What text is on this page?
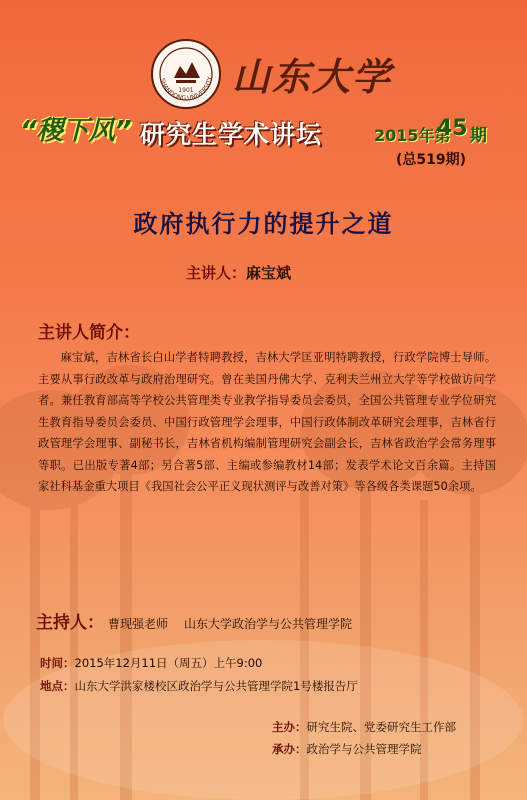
SHANDONG UNIVERSITY
1901 山东大学
“稷下风” 研究生学术讲坛	2015年第
45 期
(总519期)
政府执行力的提升之道
主讲人：麻宝斌
主讲人简介：

麻宝斌，吉林省长白山学者特聘教授，吉林大学匡亚明特聘教授，行政学院博士导师。主要从事行政改革与政府治理研究。曾在美国丹佛大学、克利夫兰州立大学等学校做访问学者。兼任教育部高等学校公共管理类专业教学指导委员会委员，全国公共管理专业学位研究生教育指导委员会委员、中国行政管理学会理事，中国行政体制改革研究会理事，吉林省行政管理学会理事、副秘书长，吉林省机构编制管理研究会副会长，吉林省政治学会常务理事等职。已出版专著4部；另合著5部、主编或参编教材14部；发表学术论文百余篇。主持国家社科基金重大项目《我国社会公平正义现状测评与改善对策》等各级各类课题50余项。

主持人： 曹现强老师 山东大学政治学与公共管理学院
时间：2015年12月11日（周五）上午9:00
地点：山东大学洪家楼校区政治学与公共管理学院1号楼报告厅
主办：研究生院、党委研究生工作部
承办：政治学与公共管理学院
